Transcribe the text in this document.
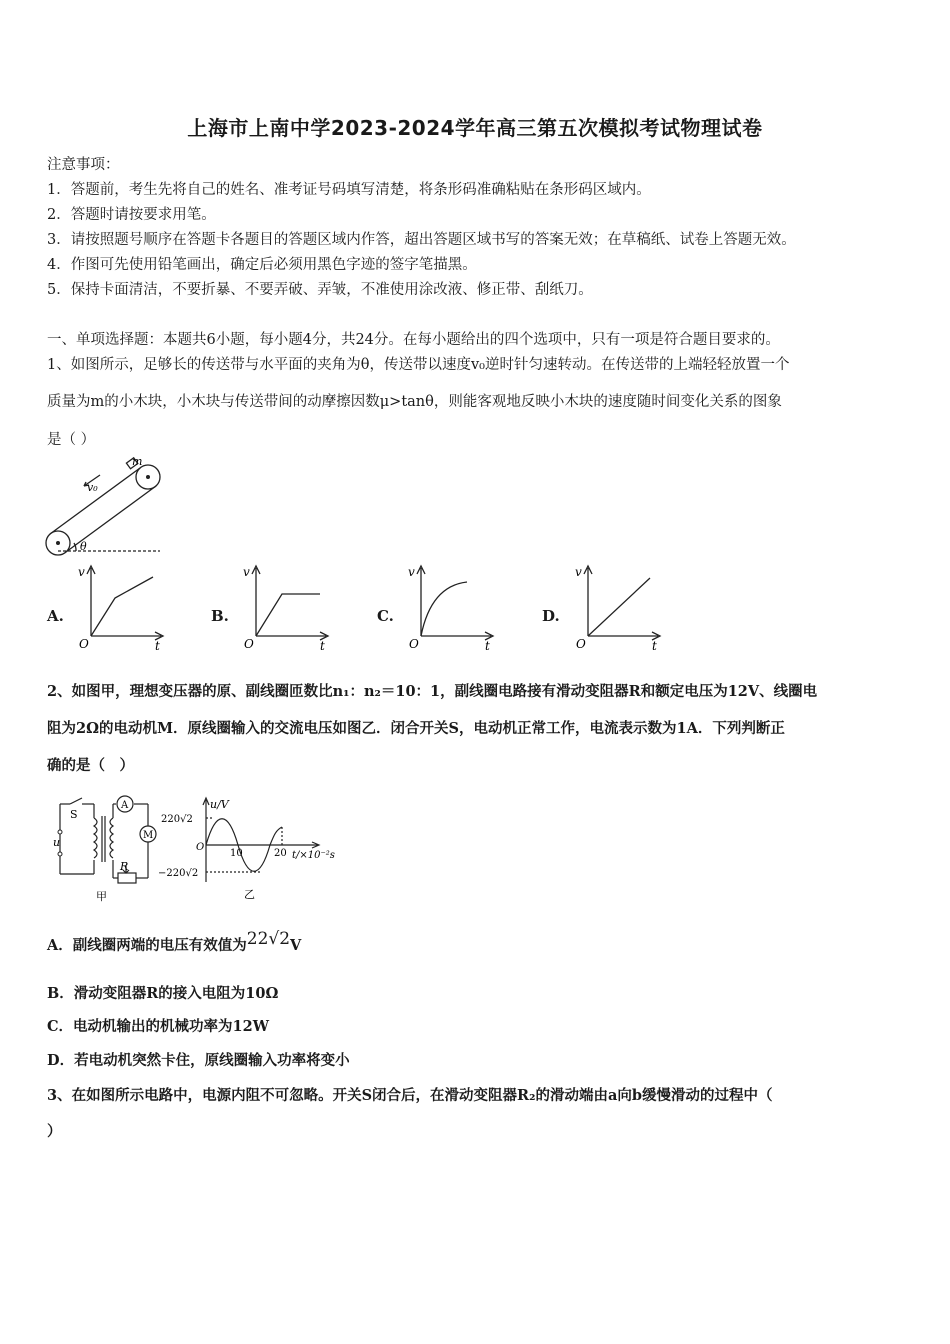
上海市上南中学2023-2024学年高三第五次模拟考试物理试卷
注意事项：
1．答题前，考生先将自己的姓名、准考证号码填写清楚，将条形码准确粘贴在条形码区域内。
2．答题时请按要求用笔。
3．请按照题号顺序在答题卡各题目的答题区域内作答，超出答题区域书写的答案无效；在草稿纸、试卷上答题无效。
4．作图可先使用铅笔画出，确定后必须用黑色字迹的签字笔描黑。
5．保持卡面清洁，不要折暴、不要弄破、弄皱，不准使用涂改液、修正带、刮纸刀。
一、单项选择题：本题共6小题，每小题4分，共24分。在每小题给出的四个选项中，只有一项是符合题目要求的。
1、如图所示，足够长的传送带与水平面的夹角为θ，传送带以速度v₀逆时针匀速转动。在传送带的上端轻轻放置一个
质量为m的小木块，小木块与传送带间的动摩擦因数μ>tanθ，则能客观地反映小木块的速度随时间变化关系的图象
是（ ）
m
v₀
θ
A.
v
O	t
B.
v
O	t
C.
v
O	t
D.
v
O	t
2、如图甲，理想变压器的原、副线圈匝数比n₁：n₂＝10：1，副线圈电路接有滑动变阻器R和额定电压为12V、线圈电
阻为2Ω的电动机M．原线圈输入的交流电压如图乙．闭合开关S，电动机正常工作，电流表示数为1A．下列判断正
确的是（　）
S
A
M
R
u
甲
u/V
220√2
−220√2
O
10	20 t/×10⁻²s
乙
A．副线圈两端的电压有效值为22√2V
B．滑动变阻器R的接入电阻为10Ω
C．电动机输出的机械功率为12W
D．若电动机突然卡住，原线圈输入功率将变小
3、在如图所示电路中，电源内阻不可忽略。开关S闭合后，在滑动变阻器R₂的滑动端由a向b缓慢滑动的过程中（
）
